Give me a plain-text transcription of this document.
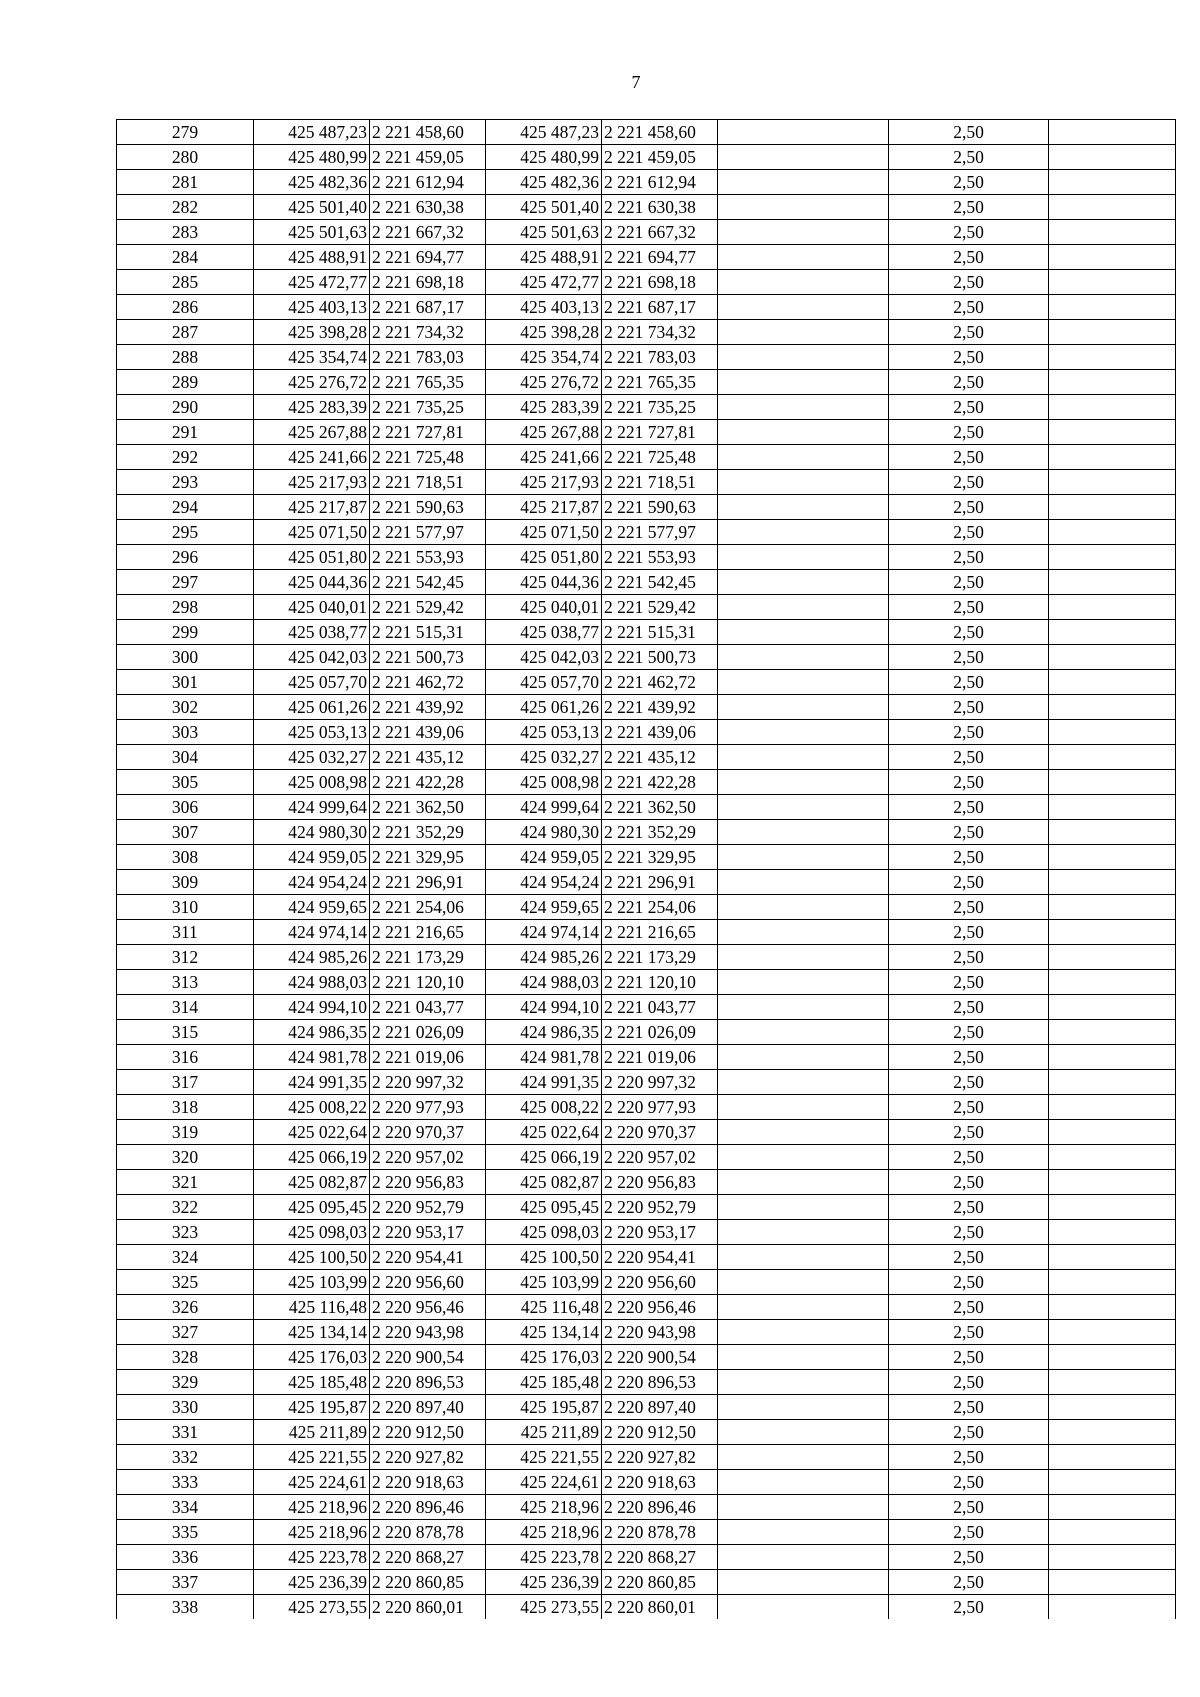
7
279	425 487,23	2 221 458,60	425 487,23	2 221 458,60		2,50	
280	425 480,99	2 221 459,05	425 480,99	2 221 459,05		2,50	
281	425 482,36	2 221 612,94	425 482,36	2 221 612,94		2,50	
282	425 501,40	2 221 630,38	425 501,40	2 221 630,38		2,50	
283	425 501,63	2 221 667,32	425 501,63	2 221 667,32		2,50	
284	425 488,91	2 221 694,77	425 488,91	2 221 694,77		2,50	
285	425 472,77	2 221 698,18	425 472,77	2 221 698,18		2,50	
286	425 403,13	2 221 687,17	425 403,13	2 221 687,17		2,50	
287	425 398,28	2 221 734,32	425 398,28	2 221 734,32		2,50	
288	425 354,74	2 221 783,03	425 354,74	2 221 783,03		2,50	
289	425 276,72	2 221 765,35	425 276,72	2 221 765,35		2,50	
290	425 283,39	2 221 735,25	425 283,39	2 221 735,25		2,50	
291	425 267,88	2 221 727,81	425 267,88	2 221 727,81		2,50	
292	425 241,66	2 221 725,48	425 241,66	2 221 725,48		2,50	
293	425 217,93	2 221 718,51	425 217,93	2 221 718,51		2,50	
294	425 217,87	2 221 590,63	425 217,87	2 221 590,63		2,50	
295	425 071,50	2 221 577,97	425 071,50	2 221 577,97		2,50	
296	425 051,80	2 221 553,93	425 051,80	2 221 553,93		2,50	
297	425 044,36	2 221 542,45	425 044,36	2 221 542,45		2,50	
298	425 040,01	2 221 529,42	425 040,01	2 221 529,42		2,50	
299	425 038,77	2 221 515,31	425 038,77	2 221 515,31		2,50	
300	425 042,03	2 221 500,73	425 042,03	2 221 500,73		2,50	
301	425 057,70	2 221 462,72	425 057,70	2 221 462,72		2,50	
302	425 061,26	2 221 439,92	425 061,26	2 221 439,92		2,50	
303	425 053,13	2 221 439,06	425 053,13	2 221 439,06		2,50	
304	425 032,27	2 221 435,12	425 032,27	2 221 435,12		2,50	
305	425 008,98	2 221 422,28	425 008,98	2 221 422,28		2,50	
306	424 999,64	2 221 362,50	424 999,64	2 221 362,50		2,50	
307	424 980,30	2 221 352,29	424 980,30	2 221 352,29		2,50	
308	424 959,05	2 221 329,95	424 959,05	2 221 329,95		2,50	
309	424 954,24	2 221 296,91	424 954,24	2 221 296,91		2,50	
310	424 959,65	2 221 254,06	424 959,65	2 221 254,06		2,50	
311	424 974,14	2 221 216,65	424 974,14	2 221 216,65		2,50	
312	424 985,26	2 221 173,29	424 985,26	2 221 173,29		2,50	
313	424 988,03	2 221 120,10	424 988,03	2 221 120,10		2,50	
314	424 994,10	2 221 043,77	424 994,10	2 221 043,77		2,50	
315	424 986,35	2 221 026,09	424 986,35	2 221 026,09		2,50	
316	424 981,78	2 221 019,06	424 981,78	2 221 019,06		2,50	
317	424 991,35	2 220 997,32	424 991,35	2 220 997,32		2,50	
318	425 008,22	2 220 977,93	425 008,22	2 220 977,93		2,50	
319	425 022,64	2 220 970,37	425 022,64	2 220 970,37		2,50	
320	425 066,19	2 220 957,02	425 066,19	2 220 957,02		2,50	
321	425 082,87	2 220 956,83	425 082,87	2 220 956,83		2,50	
322	425 095,45	2 220 952,79	425 095,45	2 220 952,79		2,50	
323	425 098,03	2 220 953,17	425 098,03	2 220 953,17		2,50	
324	425 100,50	2 220 954,41	425 100,50	2 220 954,41		2,50	
325	425 103,99	2 220 956,60	425 103,99	2 220 956,60		2,50	
326	425 116,48	2 220 956,46	425 116,48	2 220 956,46		2,50	
327	425 134,14	2 220 943,98	425 134,14	2 220 943,98		2,50	
328	425 176,03	2 220 900,54	425 176,03	2 220 900,54		2,50	
329	425 185,48	2 220 896,53	425 185,48	2 220 896,53		2,50	
330	425 195,87	2 220 897,40	425 195,87	2 220 897,40		2,50	
331	425 211,89	2 220 912,50	425 211,89	2 220 912,50		2,50	
332	425 221,55	2 220 927,82	425 221,55	2 220 927,82		2,50	
333	425 224,61	2 220 918,63	425 224,61	2 220 918,63		2,50	
334	425 218,96	2 220 896,46	425 218,96	2 220 896,46		2,50	
335	425 218,96	2 220 878,78	425 218,96	2 220 878,78		2,50	
336	425 223,78	2 220 868,27	425 223,78	2 220 868,27		2,50	
337	425 236,39	2 220 860,85	425 236,39	2 220 860,85		2,50	
338	425 273,55	2 220 860,01	425 273,55	2 220 860,01		2,50	
